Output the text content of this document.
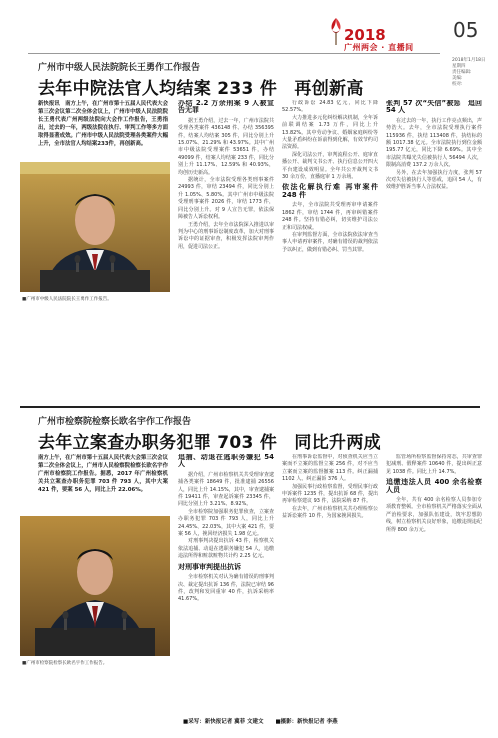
2018
广州两会 · 直播间
05
2018年1月18日
星期四
责任编辑:
美编:
校对:
广州市中级人民法院院长王勇作工作报告
去年中院法官人均结案 233 件　再创新高
新快报讯　南方上午，在广州市第十五届人民代表大会第三次会议第二次全体会议上，广州市中级人民法院院长王勇代表广州两级法院向大会作工作报告，王勇指出，过去的一年，两级法院在执行、审判工作等多方面取得显著成效。广州市中级人民法院受理各类案件大幅上升，全市法官人均结案233件，再创新高。
■广州市中级人民法院院长王勇作工作报告。
办结 2.2 万余刑案 9 人被宣告无罪

据王勇介绍，过去一年，广州市法院共受理各类案件 436148 件、办结 356395 件，结案人均结案 305 件，同比分别上升 15.07%、21.29% 和 43.97%。其中广州市中级法院受理案件 53651 件，办结 49099 件，结案人均结案 233 件，同比分别上升 11.17%、12.59% 和 40.93%，均创历史新高。

据统计，全市法院受理各类刑事案件 24993 件，审结 23494 件，同比分别上升 1.05%、5.80%。其中广州市中级法院受理刑事案件 2026 件，审结 1773 件，同比分别上升。对 9 人宣告无罪，依法保障被告人诉讼权利。

王勇介绍，去年全市法院深入推进以审判为中心的刑事诉讼制度改革，加大对刑事诉讼中的证据审查，积极发挥法院审判作用，促进司法公正。

行政诉讼 24.83 亿元，同比下降 52.57%。

大力推进多元化纠纷解决机制，全年诉前联调结案 1.73 万件，同比上升 13.82%。其中劳动争议、婚姻家庭纠纷等大量矛盾纠纷在诉前得到化解，有效节约司法资源。

深化司法公开，审判流程公开、庭审直播公开、裁判文书公开、执行信息公开四大平台建设成效明显。全年共公开裁判文书 30 余万份，直播庭审 1 万余场。

依法化解执行难 再审案件 248 件

去年，全市法院共受理再审申请案件 1862 件，审结 1744 件，再审纠错案件 248 件。坚持有错必纠，切实维护司法公正和司法权威。

在审判监督方面，全市法院依法审查当事人申请再审案件，对确有错误的裁判依法予以纠正，做到有错必纠、罚当其罪。

张判 57 次“失信”被惩　追回 54 人

在过去的一年，执行工作亮点频出，声势浩大。去年，全市法院受理执行案件 115936 件，执结 113408 件，执结标的额 1017.38 亿元。全市法院执行到位金额 195.77 亿元，同比下降 6.69%。其中全市法院共曝光失信被执行人 56494 人次，限制高消费 137.2 万余人次。

另外，在去年加强执行力度，张判 57 次对失信被执行人等惩戒，追回 54 人，有效维护胜诉当事人合法权益。

广州市检察院检察长欧名宇作工作报告
去年立案查办职务犯罪 703 件　同比升两成
南方上午，在广州市第十五届人民代表大会第三次会议第二次全体会议上，广州市人民检察院检察长欧名宇作广州市检察院工作报告。据悉，2017 年广州检察机关共立案查办职务犯罪 703 件 793 人，其中大案 421 件，要案 56 人，同比上升 22.06%。
■广州市检察院检察长欧名宇作工作报告。
追捕、动退在逃职务嫌犯 54 人

据介绍，广州市检察机关共受理审查逮捕各类案件 18649 件，批准逮捕 26556 人，同比上升 14.15%，其中，审查逮捕案件 19411 件，审查起诉案件 23345 件，同比分别上升 3.21%、8.92%。

全市检察院加强职务犯罪侦查，立案查办职务犯罪 703 件 793 人，同比上升 24.45%、22.03%，其中大案 421 件，要案 56 人，挽回经济损失 1.98 亿元。

对刑事判决提出抗诉 43 件，检察机关依法追捕、动退在逃职务嫌犯 54 人，追缴违法所得和赃款赃物共计约 2.25 亿元。

对刑事审判提出抗诉

全市检察机关对认为确有错误的刑事判决、裁定提出抗诉 136 件，法院已审结 96 件，改判和发回重审 40 件，抗诉采纳率 41.67%。

在刑事诉讼监督中，对侦查机关应当立案而不立案的监督立案 256 件，对不应当立案而立案的监督撤案 113 件。纠正漏捕 1102 人、纠正漏诉 376 人。

加强民事行政检察监督，受理民事行政申诉案件 1235 件，提出抗诉 68 件，提出再审检察建议 93 件，法院采纳 87 件。

在去年，广州市检察机关共办理检察公益诉讼案件 10 件，为国家挽回损失。

监管场所检察监督保持常态，共审查罪犯减刑、假释案件 10640 件，提出纠正意见 1038 件。同比上升 14.7%。

追缴违法人员 400 余名检察人员

全年，共有 400 余名检察人员参加专项教育整顿。全市检察机关严格落实全面从严治检要求，加强队伍建设，筑牢思想防线，树立检察机关良好形象，追缴违规违纪所得 800 余万元。

■采写：新快报记者 冀菲 文建文 ■摄影：新快报记者 李燕
